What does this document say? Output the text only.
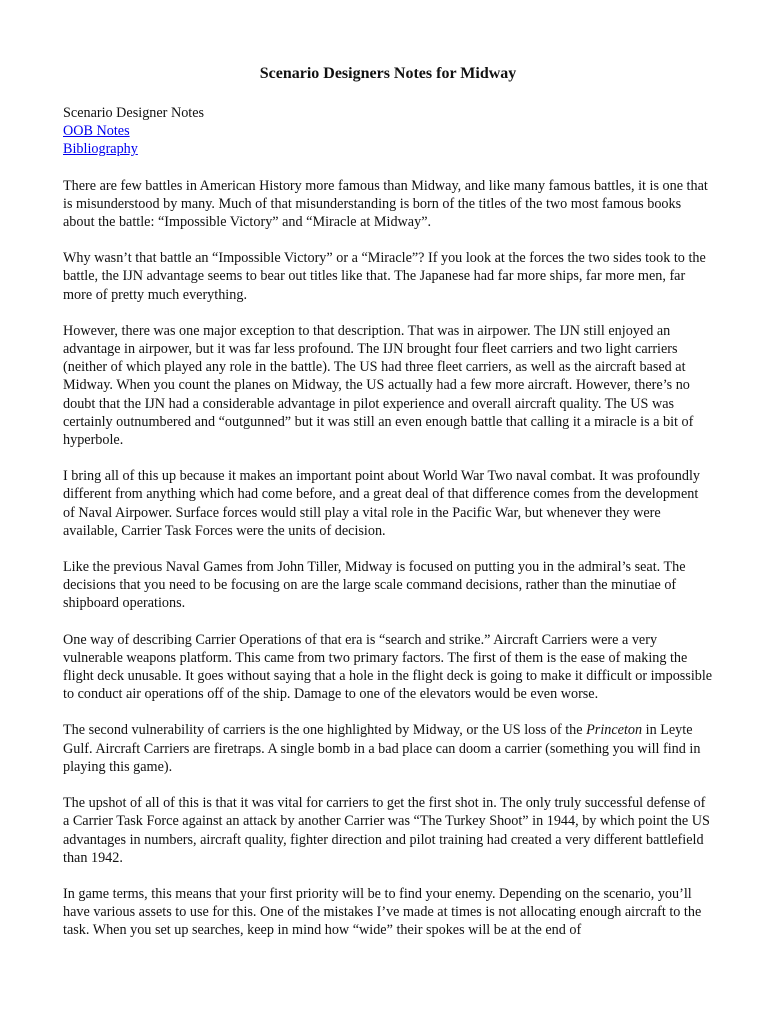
Scenario Designers Notes for Midway
Scenario Designer Notes
OOB Notes
Bibliography

There are few battles in American History more famous than Midway, and like many famous battles, it is one that is misunderstood by many. Much of that misunderstanding is born of the titles of the two most famous books about the battle: “Impossible Victory” and “Miracle at Midway”.

Why wasn’t that battle an “Impossible Victory” or a “Miracle”? If you look at the forces the two sides took to the battle, the IJN advantage seems to bear out titles like that. The Japanese had far more ships, far more men, far more of pretty much everything.

However, there was one major exception to that description. That was in airpower. The IJN still enjoyed an advantage in airpower, but it was far less profound. The IJN brought four fleet carriers and two light carriers (neither of which played any role in the battle). The US had three fleet carriers, as well as the aircraft based at Midway. When you count the planes on Midway, the US actually had a few more aircraft. However, there’s no doubt that the IJN had a considerable advantage in pilot experience and overall aircraft quality. The US was certainly outnumbered and “outgunned” but it was still an even enough battle that calling it a miracle is a bit of hyperbole.

I bring all of this up because it makes an important point about World War Two naval combat. It was profoundly different from anything which had come before, and a great deal of that difference comes from the development of Naval Airpower. Surface forces would still play a vital role in the Pacific War, but whenever they were available, Carrier Task Forces were the units of decision.

Like the previous Naval Games from John Tiller, Midway is focused on putting you in the admiral’s seat. The decisions that you need to be focusing on are the large scale command decisions, rather than the minutiae of shipboard operations.

One way of describing Carrier Operations of that era is “search and strike.” Aircraft Carriers were a very vulnerable weapons platform. This came from two primary factors. The first of them is the ease of making the flight deck unusable. It goes without saying that a hole in the flight deck is going to make it difficult or impossible to conduct air operations off of the ship. Damage to one of the elevators would be even worse.

The second vulnerability of carriers is the one highlighted by Midway, or the US loss of the Princeton in Leyte Gulf. Aircraft Carriers are firetraps. A single bomb in a bad place can doom a carrier (something you will find in playing this game).

The upshot of all of this is that it was vital for carriers to get the first shot in. The only truly successful defense of a Carrier Task Force against an attack by another Carrier was “The Turkey Shoot” in 1944, by which point the US advantages in numbers, aircraft quality, fighter direction and pilot training had created a very different battlefield than 1942.

In game terms, this means that your first priority will be to find your enemy. Depending on the scenario, you’ll have various assets to use for this. One of the mistakes I’ve made at times is not allocating enough aircraft to the task. When you set up searches, keep in mind how “wide” their spokes will be at the end of
